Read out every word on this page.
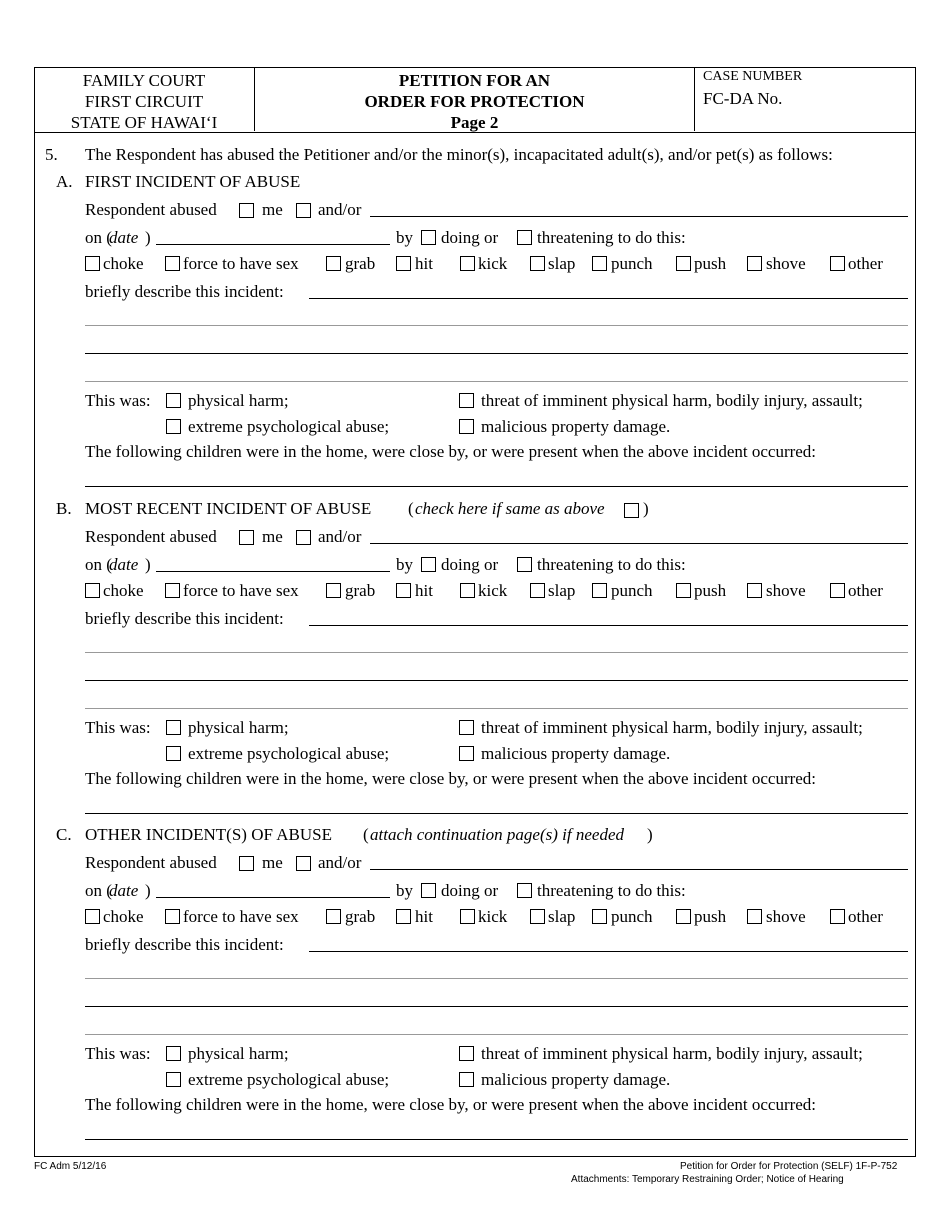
FAMILY COURT
FIRST CIRCUIT
STATE OF HAWAI‘I
PETITION FOR AN
ORDER FOR PROTECTION
Page 2
CASE NUMBER
FC-DA No.
5. The Respondent has abused the Petitioner and/or the minor(s), incapacitated adult(s), and/or pet(s) as follows:
A. FIRST INCIDENT OF ABUSE
Respondent abused	me and/or
on (
date )	by doing or threatening to do this:
choke force to have sex	grab hit	kick slap punch push shove other
briefly describe this incident:
This was: physical harm;	threat of imminent physical harm, bodily injury, assault;
extreme psychological abuse;	malicious property damage.
The following children were in the home, were close by, or were present when the above incident occurred:
B. MOST RECENT INCIDENT OF ABUSE ( check here if same as above )
Respondent abused	me and/or
on (
date )	by doing or threatening to do this:
choke force to have sex	grab hit	kick slap punch push shove other
briefly describe this incident:
This was: physical harm;	threat of imminent physical harm, bodily injury, assault;
extreme psychological abuse;	malicious property damage.
The following children were in the home, were close by, or were present when the above incident occurred:
C. OTHER INCIDENT(S) OF ABUSE ( attach continuation page(s) if needed )
Respondent abused	me and/or
on (
date )	by doing or threatening to do this:
choke force to have sex	grab hit	kick slap punch push shove other
briefly describe this incident:
This was: physical harm;	threat of imminent physical harm, bodily injury, assault;
extreme psychological abuse;	malicious property damage.
The following children were in the home, were close by, or were present when the above incident occurred:
FC Adm 5/12/16	Petition for Order for Protection (SELF) 1F-P-752
Attachments: Temporary Restraining Order; Notice of Hearing
